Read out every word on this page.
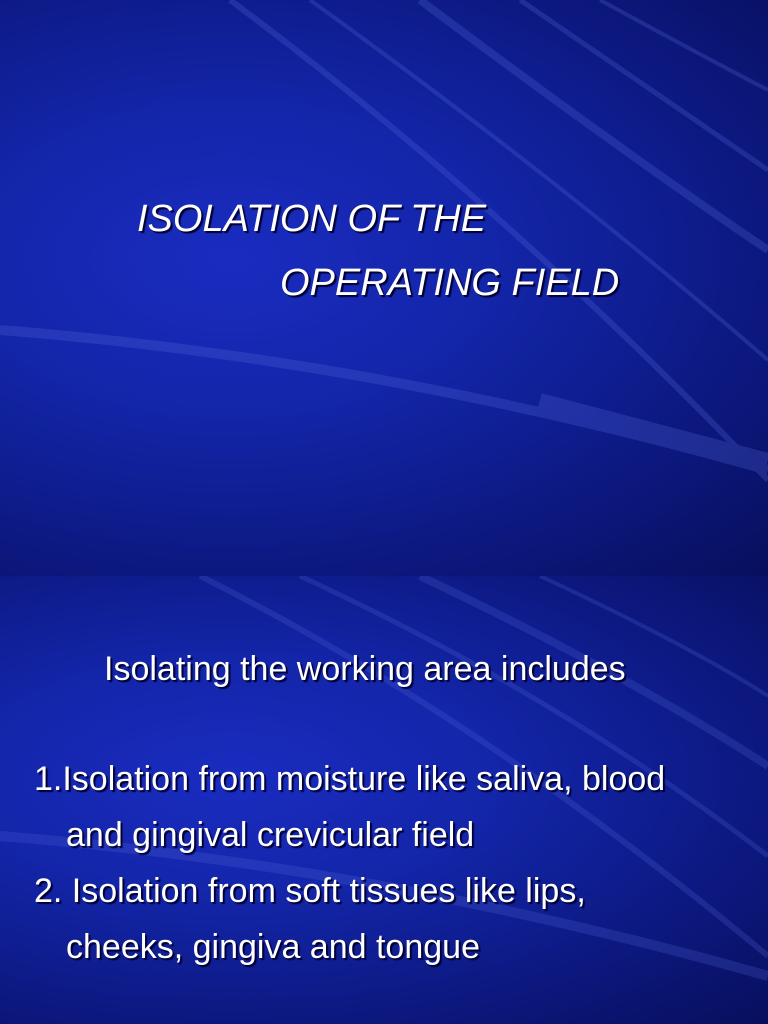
ISOLATION OF THE
OPERATING FIELD

Isolating the working area includes

1.Isolation from moisture like saliva, blood

and gingival crevicular field

2. Isolation from soft tissues like lips,

cheeks, gingiva and tongue
